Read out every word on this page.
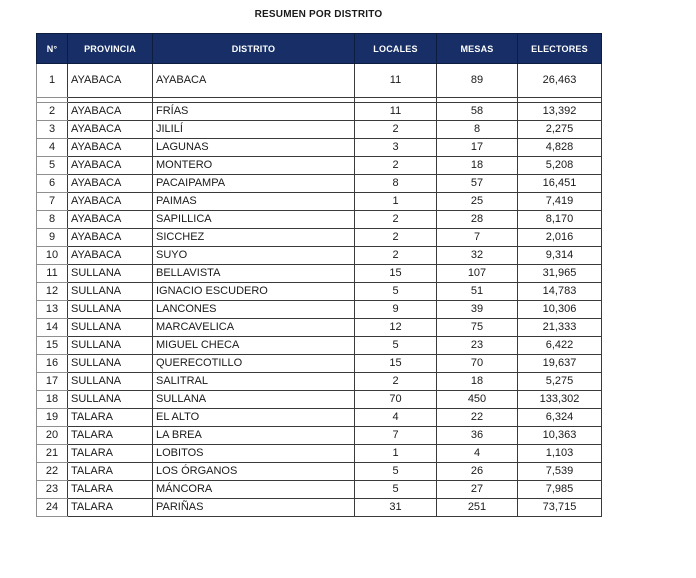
RESUMEN POR DISTRITO
N°	PROVINCIA	DISTRITO	LOCALES	MESAS	ELECTORES
1	AYABACA	AYABACA	11	89	26,463

2	AYABACA	FRÍAS	11	58	13,392
3	AYABACA	JILILÍ	2	8	2,275
4	AYABACA	LAGUNAS	3	17	4,828
5	AYABACA	MONTERO	2	18	5,208
6	AYABACA	PACAIPAMPA	8	57	16,451
7	AYABACA	PAIMAS	1	25	7,419
8	AYABACA	SAPILLICA	2	28	8,170
9	AYABACA	SICCHEZ	2	7	2,016
10	AYABACA	SUYO	2	32	9,314
11	SULLANA	BELLAVISTA	15	107	31,965
12	SULLANA	IGNACIO ESCUDERO	5	51	14,783
13	SULLANA	LANCONES	9	39	10,306
14	SULLANA	MARCAVELICA	12	75	21,333
15	SULLANA	MIGUEL CHECA	5	23	6,422
16	SULLANA	QUERECOTILLO	15	70	19,637
17	SULLANA	SALITRAL	2	18	5,275
18	SULLANA	SULLANA	70	450	133,302
19	TALARA	EL ALTO	4	22	6,324
20	TALARA	LA BREA	7	36	10,363
21	TALARA	LOBITOS	1	4	1,103
22	TALARA	LOS ÓRGANOS	5	26	7,539
23	TALARA	MÁNCORA	5	27	7,985
24	TALARA	PARIÑAS	31	251	73,715
